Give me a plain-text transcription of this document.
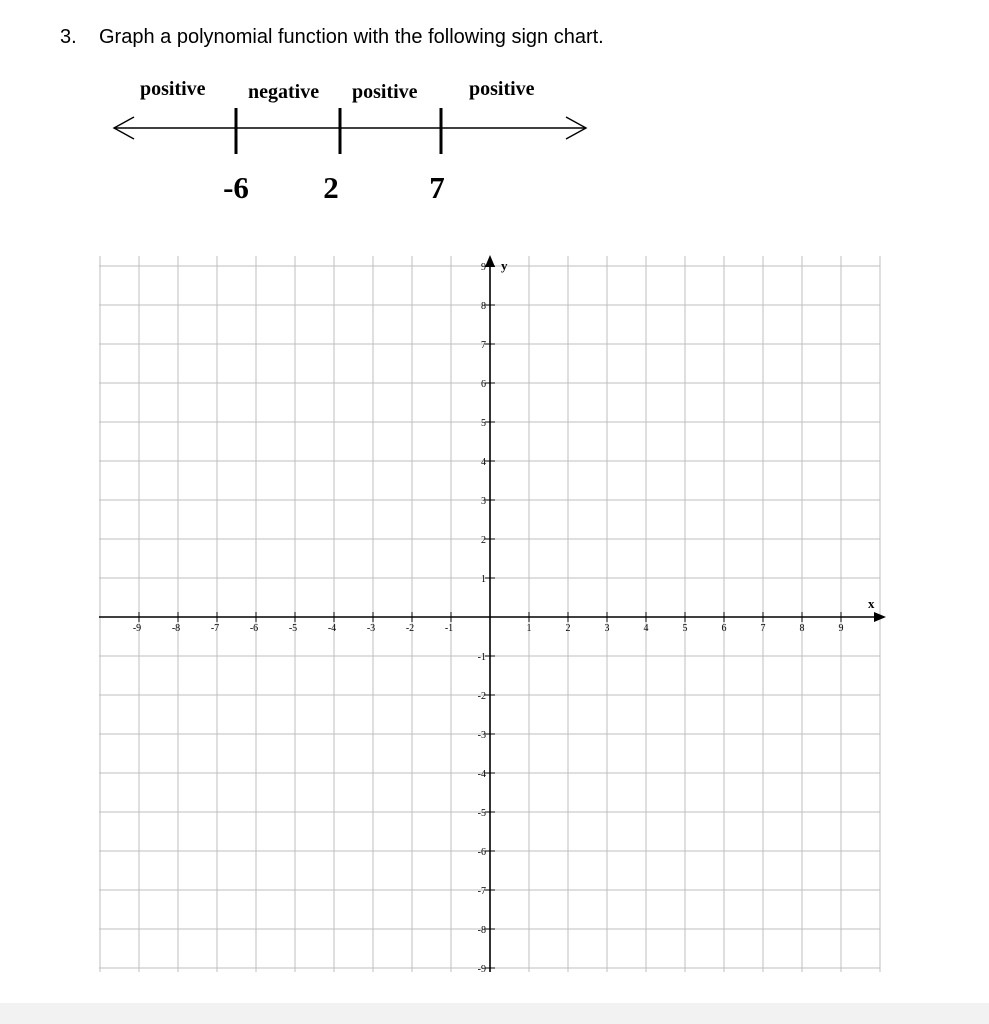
3. Graph a polynomial function with the following sign chart.
positive negative positive	positive
-6 2	7
x
y
-9	-8	-7	-6	-5	-4	-3	-2	-1	1	2	3	4	5	6	7	8	9
9
8
7
6
5
4
3
2
1
-1
-2
-3
-4
-5
-6
-7
-8
-9
